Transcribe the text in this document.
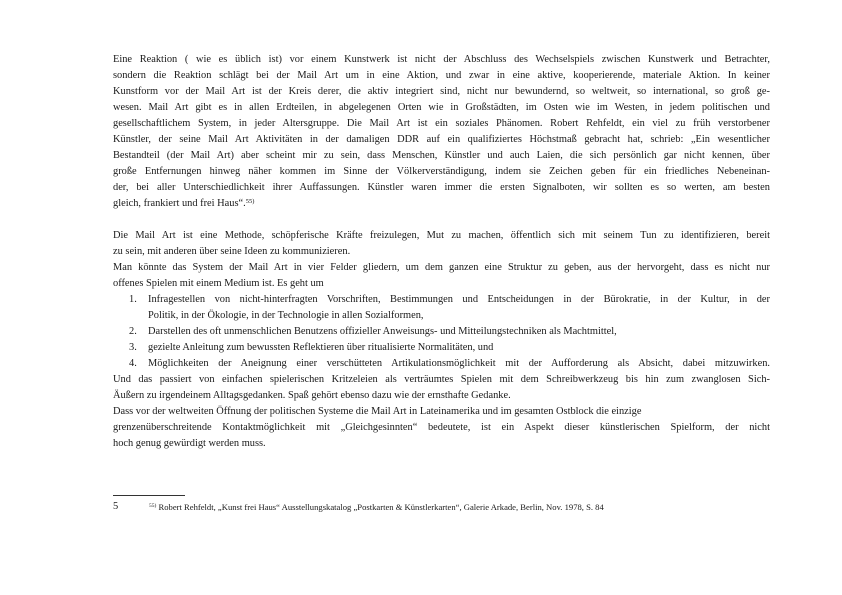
Eine Reaktion ( wie es üblich ist) vor einem Kunstwerk ist nicht der Abschluss des Wechselspiels zwischen Kunstwerk und Betrachter,
sondern die Reaktion schlägt bei der Mail Art um in eine Aktion, und zwar in eine aktive, kooperierende, materiale Aktion. In keiner
Kunstform vor der Mail Art ist der Kreis derer, die aktiv integriert sind, nicht nur bewundernd, so weltweit, so international, so groß ge-
wesen. Mail Art gibt es in allen Erdteilen, in abgelegenen Orten wie in Großstädten, im Osten wie im Westen, in jedem politischen und
gesellschaftlichem System, in jeder Altersgruppe. Die Mail Art ist ein soziales Phänomen. Robert Rehfeldt, ein viel zu früh verstorbener
Künstler, der seine Mail Art Aktivitäten in der damaligen DDR auf ein qualifiziertes Höchstmaß gebracht hat, schrieb: „Ein wesentlicher
Bestandteil (der Mail Art) aber scheint mir zu sein, dass Menschen, Künstler und auch Laien, die sich persönlich gar nicht kennen, über
große Entfernungen hinweg näher kommen im Sinne der Völkerverständigung, indem sie Zeichen geben für ein friedliches Nebeneinan-
der, bei aller Unterschiedlichkeit ihrer Auffassungen. Künstler waren immer die ersten Signalboten, wir sollten es so werten, am besten
gleich, frankiert und frei Haus“.$^{55)}$
Die Mail Art ist eine Methode, schöpferische Kräfte freizulegen, Mut zu machen, öffentlich sich mit seinem Tun zu identifizieren, bereit
zu sein, mit anderen über seine Ideen zu kommunizieren.
Man könnte das System der Mail Art in vier Felder gliedern, um dem ganzen eine Struktur zu geben, aus der hervorgeht, dass es nicht nur
offenes Spielen mit einem Medium ist. Es geht um
1. Infragestellen von nicht-hinterfragten Vorschriften, Bestimmungen und Entscheidungen in der Bürokratie, in der Kultur, in der
Politik, in der Ökologie, in der Technologie in allen Sozialformen,
2. Darstellen des oft unmenschlichen Benutzens offizieller Anweisungs- und Mitteilungstechniken als Machtmittel,
3. gezielte Anleitung zum bewussten Reflektieren über ritualisierte Normalitäten, und
4. Möglichkeiten der Aneignung einer verschütteten Artikulationsmöglichkeit mit der Aufforderung als Absicht, dabei mitzuwirken.
Und das passiert von einfachen spielerischen Kritzeleien als verträumtes Spielen mit dem Schreibwerkzeug bis hin zum zwanglosen Sich-
Äußern zu irgendeinem Alltagsgedanken. Spaß gehört ebenso dazu wie der ernsthafte Gedanke.
Dass vor der weltweiten Öffnung der politischen Systeme die Mail Art in Lateinamerika und im gesamten Ostblock die einzige
grenzenüberschreitende Kontaktmöglichkeit mit „Gleichgesinnten“ bedeutete, ist ein Aspekt dieser künstlerischen Spielform, der nicht
hoch genug gewürdigt werden muss.
5	$^{55)}$ Robert Rehfeldt, „Kunst frei Haus“ Ausstellungskatalog „Postkarten & Künstlerkarten“, Galerie Arkade, Berlin, Nov. 1978, S. 84
